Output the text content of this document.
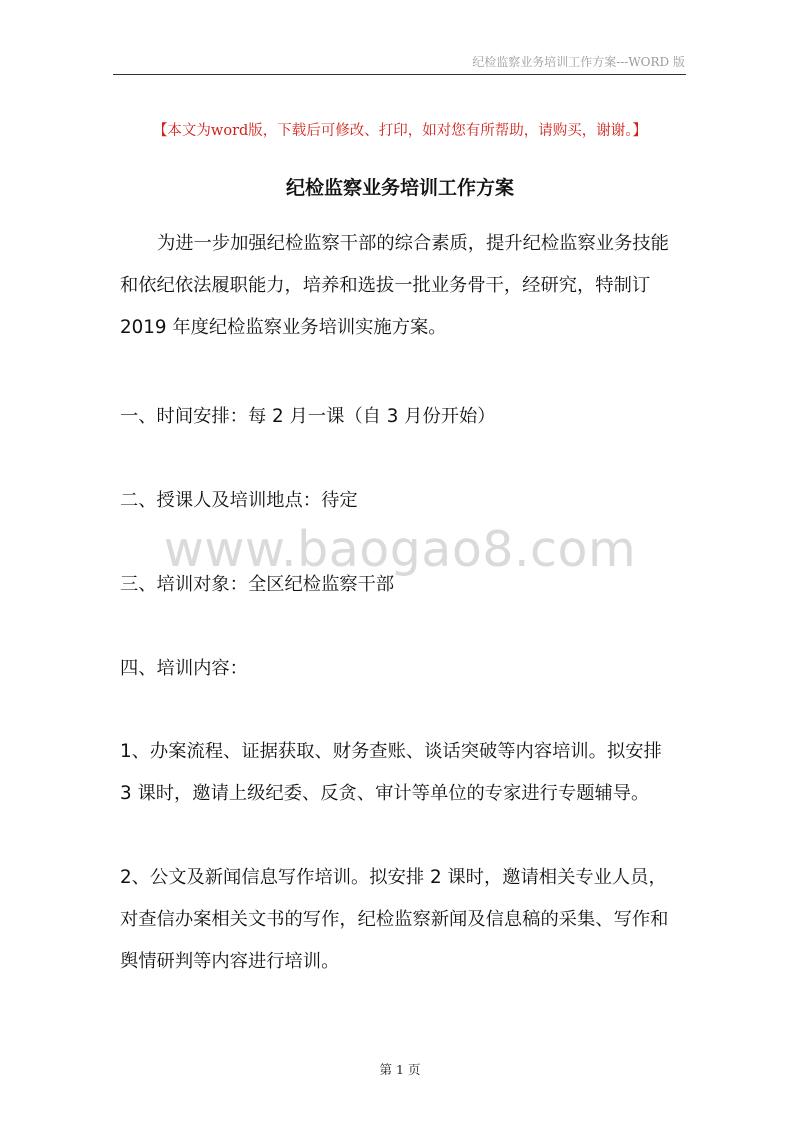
纪检监察业务培训工作方案---WORD 版
【本文为word版，下载后可修改、打印，如对您有所帮助，请购买，谢谢。】
纪检监察业务培训工作方案
为进一步加强纪检监察干部的综合素质，提升纪检监察业务技能
和依纪依法履职能力，培养和选拔一批业务骨干，经研究，特制订
2019 年度纪检监察业务培训实施方案。
一、时间安排：每 2 月一课（自 3 月份开始）
二、授课人及培训地点：待定
www.baogao8.com
三、培训对象：全区纪检监察干部
四、培训内容：
1、办案流程、证据获取、财务查账、谈话突破等内容培训。拟安排
3 课时，邀请上级纪委、反贪、审计等单位的专家进行专题辅导。
2、公文及新闻信息写作培训。拟安排 2 课时，邀请相关专业人员，
对查信办案相关文书的写作，纪检监察新闻及信息稿的采集、写作和
舆情研判等内容进行培训。
第 1 页
